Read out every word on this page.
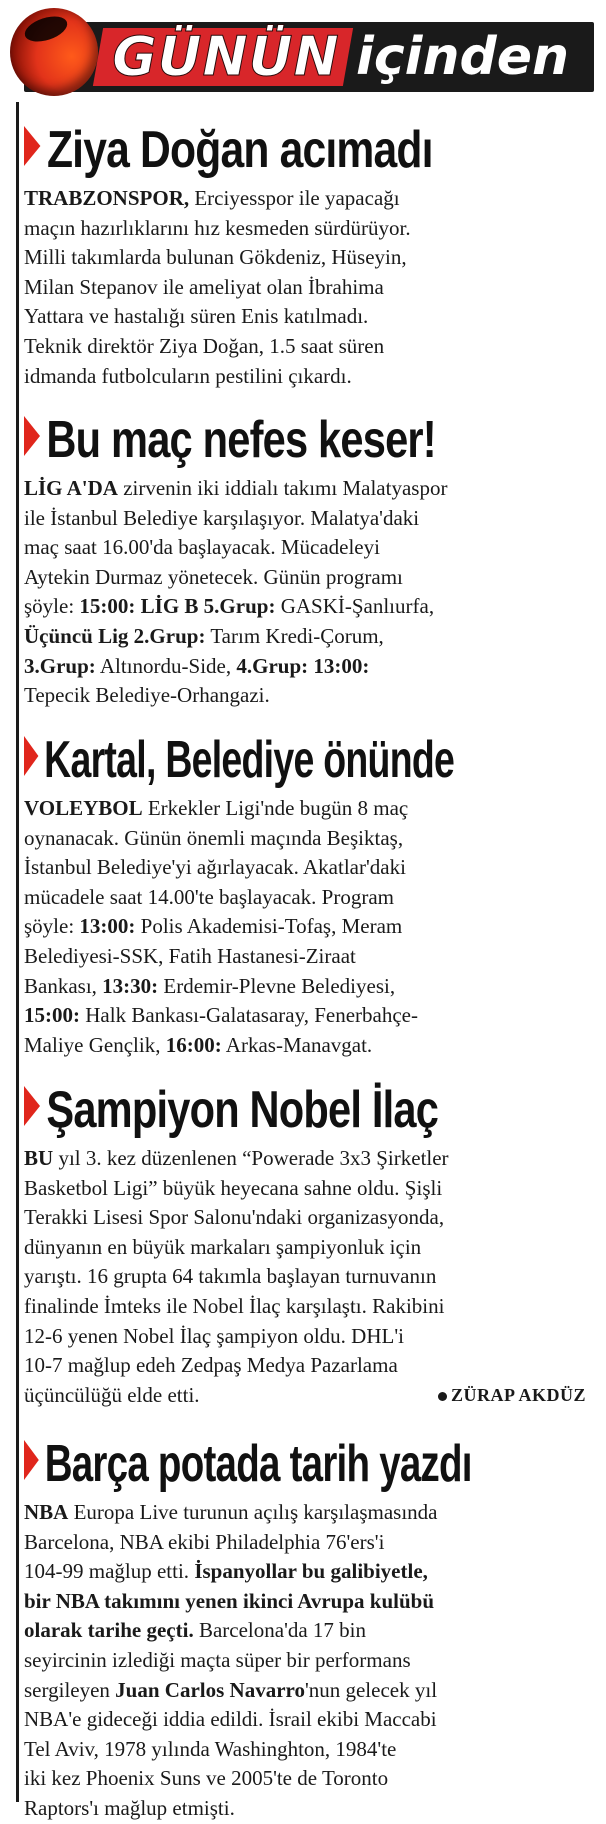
GÜNÜN içinden
Ziya Doğan acımadı
TRABZONSPOR, Erciyesspor ile yapacağı
maçın hazırlıklarını hız kesmeden sürdürüyor.
Milli takımlarda bulunan Gökdeniz, Hüseyin,
Milan Stepanov ile ameliyat olan İbrahima
Yattara ve hastalığı süren Enis katılmadı.
Teknik direktör Ziya Doğan, 1.5 saat süren
idmanda futbolcuların pestilini çıkardı.
Bu maç nefes keser!
LİG A'DA zirvenin iki iddialı takımı Malatyaspor
ile İstanbul Belediye karşılaşıyor. Malatya'daki
maç saat 16.00'da başlayacak. Mücadeleyi
Aytekin Durmaz yönetecek. Günün programı
şöyle: 15:00: LİG B 5.Grup: GASKİ-Şanlıurfa,
Üçüncü Lig 2.Grup: Tarım Kredi-Çorum,
3.Grup: Altınordu-Side, 4.Grup: 13:00:
Tepecik Belediye-Orhangazi.
Kartal, Belediye önünde
VOLEYBOL Erkekler Ligi'nde bugün 8 maç
oynanacak. Günün önemli maçında Beşiktaş,
İstanbul Belediye'yi ağırlayacak. Akatlar'daki
mücadele saat 14.00'te başlayacak. Program
şöyle: 13:00: Polis Akademisi-Tofaş, Meram
Belediyesi-SSK, Fatih Hastanesi-Ziraat
Bankası, 13:30: Erdemir-Plevne Belediyesi,
15:00: Halk Bankası-Galatasaray, Fenerbahçe-
Maliye Gençlik, 16:00: Arkas-Manavgat.
Şampiyon Nobel İlaç
BU yıl 3. kez düzenlenen “Powerade 3x3 Şirketler
Basketbol Ligi” büyük heyecana sahne oldu. Şişli
Terakki Lisesi Spor Salonu'ndaki organizasyonda,
dünyanın en büyük markaları şampiyonluk için
yarıştı. 16 grupta 64 takımla başlayan turnuvanın
finalinde İmteks ile Nobel İlaç karşılaştı. Rakibini
12-6 yenen Nobel İlaç şampiyon oldu. DHL'i
10-7 mağlup edeh Zedpaş Medya Pazarlama
üçüncülüğü elde etti.	ZÜRAP AKDÜZ
Barça potada tarih yazdı
NBA Europa Live turunun açılış karşılaşmasında
Barcelona, NBA ekibi Philadelphia 76'ers'i
104-99 mağlup etti. İspanyollar bu galibiyetle,
bir NBA takımını yenen ikinci Avrupa kulübü
olarak tarihe geçti. Barcelona'da 17 bin
seyircinin izlediği maçta süper bir performans
sergileyen Juan Carlos Navarro'nun gelecek yıl
NBA'e gideceği iddia edildi. İsrail ekibi Maccabi
Tel Aviv, 1978 yılında Washinghton, 1984'te
iki kez Phoenix Suns ve 2005'te de Toronto
Raptors'ı mağlup etmişti.
